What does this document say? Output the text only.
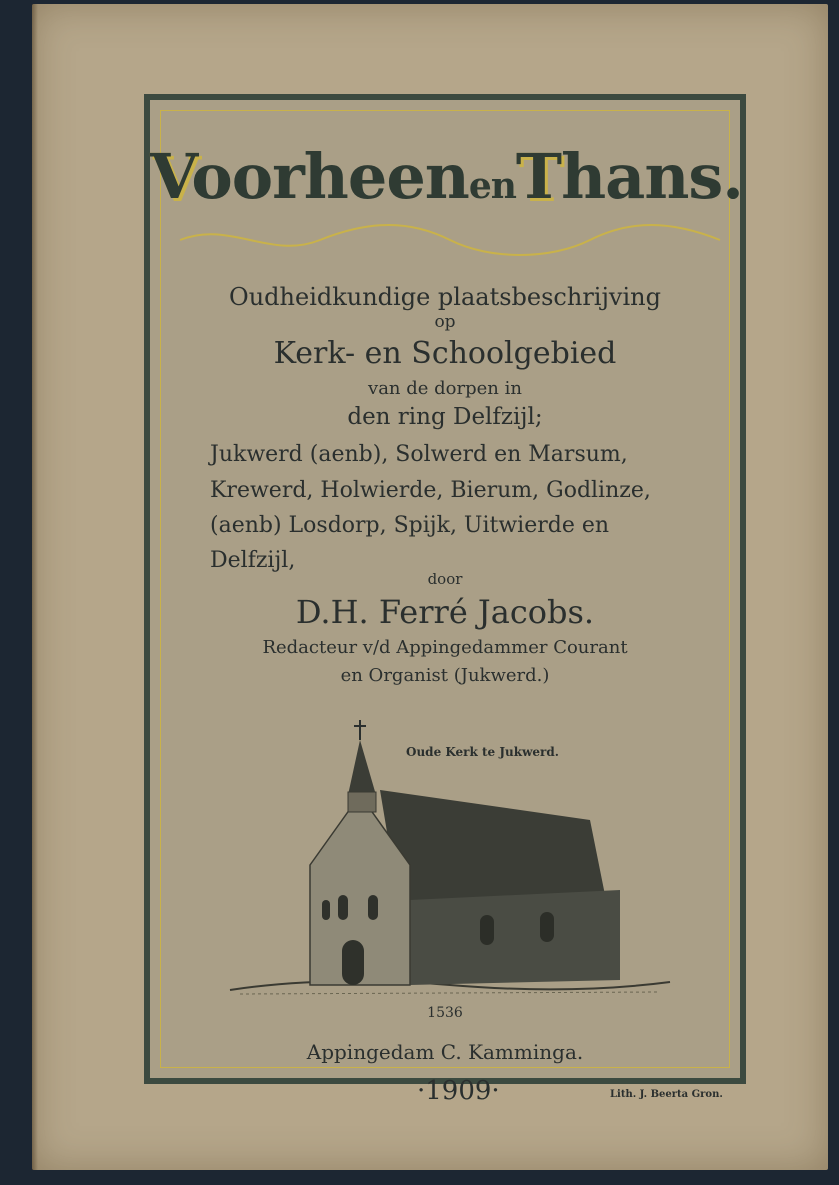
VoorheenenThans.
Oudheidkundige plaatsbeschrijving
op
Kerk- en Schoolgebied
van de dorpen in
den ring Delfzijl;
Jukwerd (aenb), Solwerd en Marsum,
Krewerd, Holwierde, Bierum, Godlinze,
(aenb) Losdorp, Spijk, Uitwierde en
Delfzijl,
door
D.H. Ferré Jacobs.
Redacteur v/d Appingedammer Courant
en Organist (Jukwerd.)
Oude Kerk te Jukwerd.
1536
Appingedam C. Kamminga.
·1909·	Lith. J. Beerta Gron.
